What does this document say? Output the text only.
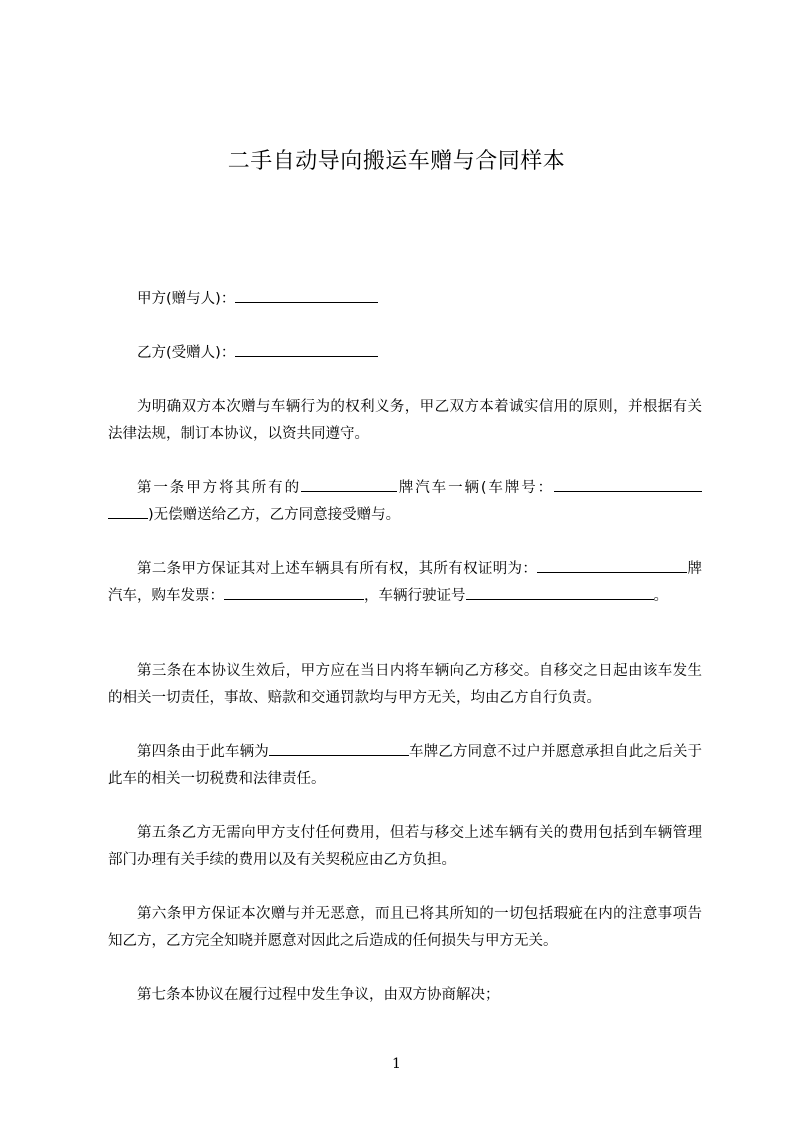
二手自动导向搬运车赠与合同样本
甲方(赠与人)：
乙方(受赠人)：
为明确双方本次赠与车辆行为的权利义务，甲乙双方本着诚实信用的原则，并根据有关法律法规，制订本协议，以资共同遵守。
第一条甲方将其所有的	牌汽车一辆(车牌号：)无偿赠送给乙方，乙方同意接受赠与。
第二条甲方保证其对上述车辆具有所有权，其所有权证明为：	牌汽车，购车发票：	，车辆行驶证号	。
第三条在本协议生效后，甲方应在当日内将车辆向乙方移交。自移交之日起由该车发生的相关一切责任，事故、赔款和交通罚款均与甲方无关，均由乙方自行负责。
第四条由于此车辆为	车牌乙方同意不过户并愿意承担自此之后关于此车的相关一切税费和法律责任。
第五条乙方无需向甲方支付任何费用，但若与移交上述车辆有关的费用包括到车辆管理部门办理有关手续的费用以及有关契税应由乙方负担。
第六条甲方保证本次赠与并无恶意，而且已将其所知的一切包括瑕疵在内的注意事项告知乙方，乙方完全知晓并愿意对因此之后造成的任何损失与甲方无关。
第七条本协议在履行过程中发生争议，由双方协商解决；
1
